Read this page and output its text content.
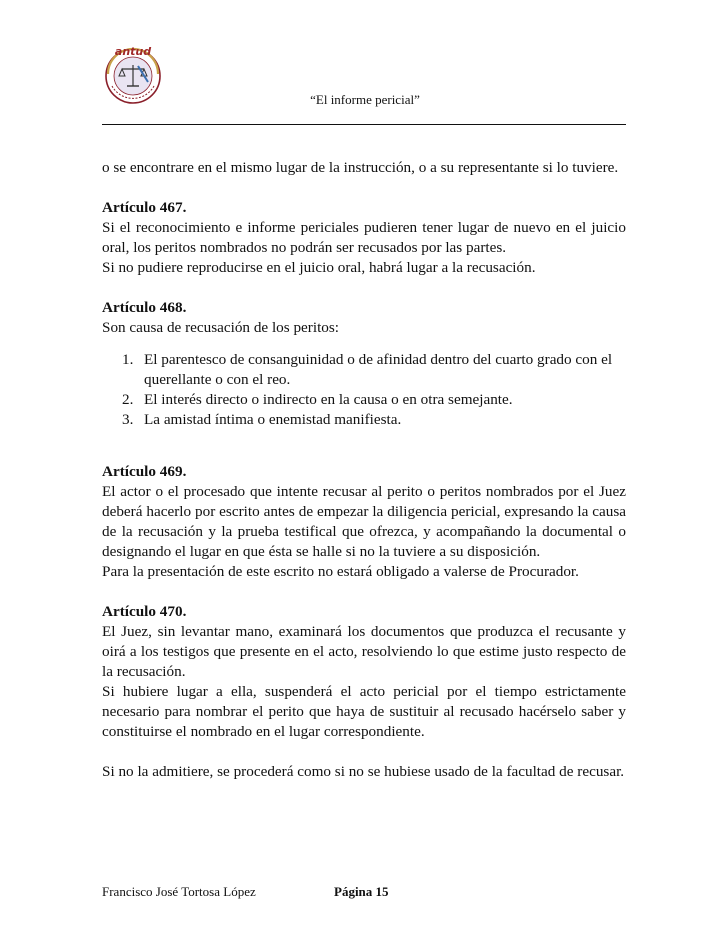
antud
“El informe pericial”

o se encontrare en el mismo lugar de la instrucción, o a su representante si lo tuviere.

Artículo 467.

Si el reconocimiento e informe periciales pudieren tener lugar de nuevo en el juicio oral, los peritos nombrados no podrán ser recusados por las partes.

Si no pudiere reproducirse en el juicio oral, habrá lugar a la recusación.

Artículo 468.

Son causa de recusación de los peritos:

1. El parentesco de consanguinidad o de afinidad dentro del cuarto grado con el querellante o con el reo.
2. El interés directo o indirecto en la causa o en otra semejante.
3. La amistad íntima o enemistad manifiesta.

Artículo 469.

El actor o el procesado que intente recusar al perito o peritos nombrados por el Juez deberá hacerlo por escrito antes de empezar la diligencia pericial, expresando la causa de la recusación y la prueba testifical que ofrezca, y acompañando la documental o designando el lugar en que ésta se halle si no la tuviere a su disposición.

Para la presentación de este escrito no estará obligado a valerse de Procurador.

Artículo 470.

El Juez, sin levantar mano, examinará los documentos que produzca el recusante y oirá a los testigos que presente en el acto, resolviendo lo que estime justo respecto de la recusación.

Si hubiere lugar a ella, suspenderá el acto pericial por el tiempo estrictamente necesario para nombrar el perito que haya de sustituir al recusado hacérselo saber y constituirse el nombrado en el lugar correspondiente.

Si no la admitiere, se procederá como si no se hubiese usado de la facultad de recusar.

Francisco José Tortosa López	Página 15
